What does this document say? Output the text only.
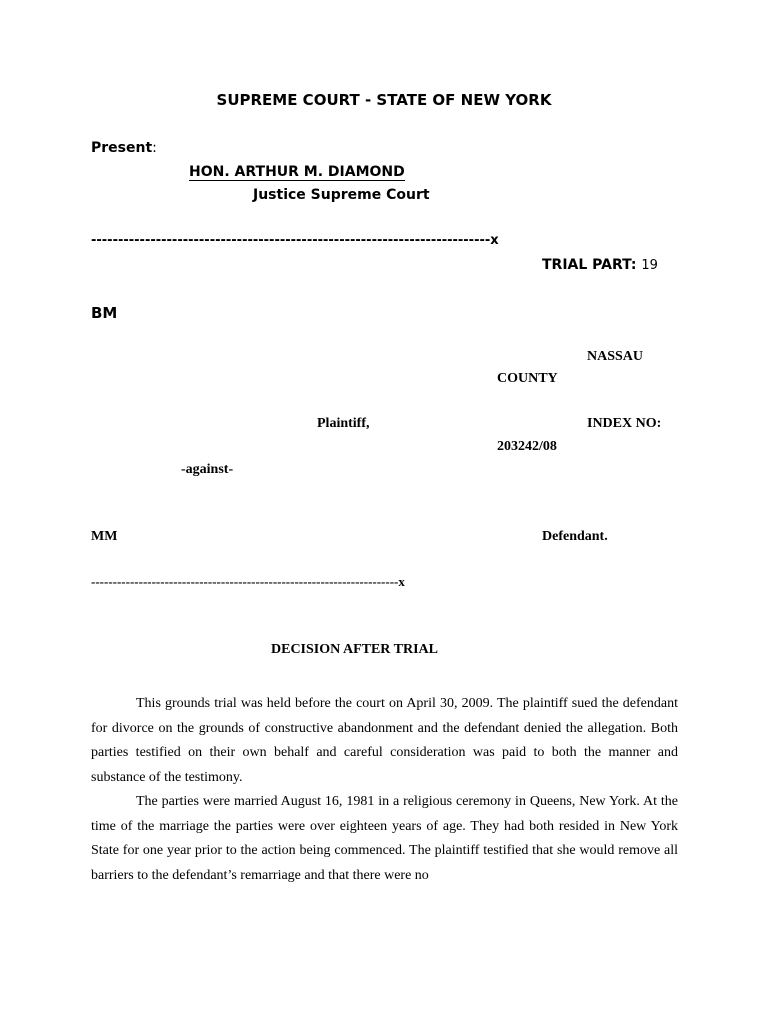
SUPREME COURT - STATE OF NEW YORK
Present:
HON. ARTHUR M. DIAMOND
Justice Supreme Court
--------------------------------------------------------------------------x
TRIAL PART: 19
BM
NASSAU
COUNTY
Plaintiff,	INDEX NO:
203242/08
-against-
MM	Defendant.
-----------------------------------------------------------------------x
DECISION AFTER TRIAL

This grounds trial was held before the court on April 30, 2009. The plaintiff sued the defendant for divorce on the grounds of constructive abandonment and the defendant denied the allegation. Both parties testified on their own behalf and careful consideration was paid to both the manner and substance of the testimony.

The parties were married August 16, 1981 in a religious ceremony in Queens, New York. At the time of the marriage the parties were over eighteen years of age. They had both resided in New York State for one year prior to the action being commenced. The plaintiff testified that she would remove all barriers to the defendant’s remarriage and that there were no
